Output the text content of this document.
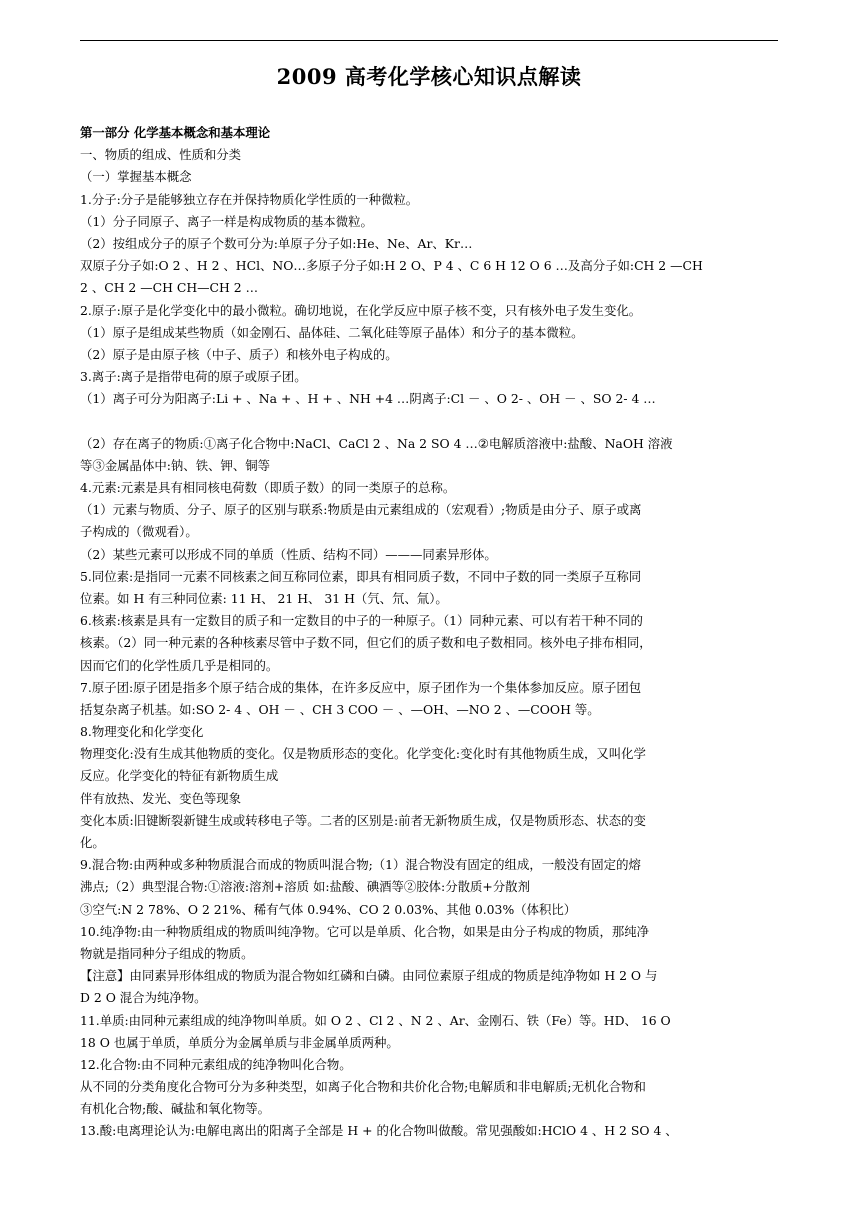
2009 高考化学核心知识点解读
第一部分 化学基本概念和基本理论
一、物质的组成、性质和分类
（一）掌握基本概念
1.分子:分子是能够独立存在并保持物质化学性质的一种微粒。
（1）分子同原子、离子一样是构成物质的基本微粒。
（2）按组成分子的原子个数可分为:单原子分子如:He、Ne、Ar、Kr…
双原子分子如:O 2 、H 2 、HCl、NO…多原子分子如:H 2 O、P 4 、C 6 H 12 O 6 …及高分子如:CH 2 —CH
2 、CH 2 —CH CH—CH 2 …
2.原子:原子是化学变化中的最小微粒。确切地说，在化学反应中原子核不变，只有核外电子发生变化。
（1）原子是组成某些物质（如金刚石、晶体硅、二氧化硅等原子晶体）和分子的基本微粒。
（2）原子是由原子核（中子、质子）和核外电子构成的。
3.离子:离子是指带电荷的原子或原子团。
（1）离子可分为阳离子:Li + 、Na + 、H + 、NH +4 …阴离子:Cl － 、O 2- 、OH － 、SO 2- 4 …
（2）存在离子的物质:①离子化合物中:NaCl、CaCl 2 、Na 2 SO 4 …②电解质溶液中:盐酸、NaOH 溶液
等③金属晶体中:钠、铁、钾、铜等
4.元素:元素是具有相同核电荷数（即质子数）的同一类原子的总称。
（1）元素与物质、分子、原子的区别与联系:物质是由元素组成的（宏观看）;物质是由分子、原子或离
子构成的（微观看）。
（2）某些元素可以形成不同的单质（性质、结构不同）———同素异形体。
5.同位素:是指同一元素不同核素之间互称同位素，即具有相同质子数，不同中子数的同一类原子互称同
位素。如 H 有三种同位素: 11 H、 21 H、 31 H（氕、氘、氚）。
6.核素:核素是具有一定数目的质子和一定数目的中子的一种原子。（1）同种元素、可以有若干种不同的
核素。（2）同一种元素的各种核素尽管中子数不同，但它们的质子数和电子数相同。核外电子排布相同，
因而它们的化学性质几乎是相同的。
7.原子团:原子团是指多个原子结合成的集体，在许多反应中，原子团作为一个集体参加反应。原子团包
括复杂离子机基。如:SO 2- 4 、OH － 、CH 3 COO － 、—OH、—NO 2 、—COOH 等。
8.物理变化和化学变化
物理变化:没有生成其他物质的变化。仅是物质形态的变化。化学变化:变化时有其他物质生成，又叫化学
反应。化学变化的特征有新物质生成
伴有放热、发光、变色等现象
变化本质:旧键断裂新键生成或转移电子等。二者的区别是:前者无新物质生成，仅是物质形态、状态的变
化。
9.混合物:由两种或多种物质混合而成的物质叫混合物;（1）混合物没有固定的组成，一般没有固定的熔
沸点;（2）典型混合物:①溶液:溶剂+溶质 如:盐酸、碘酒等②胶体:分散质+分散剂
③空气:N 2 78%、O 2 21%、稀有气体 0.94%、CO 2 0.03%、其他 0.03%（体积比）
10.纯净物:由一种物质组成的物质叫纯净物。它可以是单质、化合物，如果是由分子构成的物质，那纯净
物就是指同种分子组成的物质。
【注意】由同素异形体组成的物质为混合物如红磷和白磷。由同位素原子组成的物质是纯净物如 H 2 O 与
D 2 O 混合为纯净物。
11.单质:由同种元素组成的纯净物叫单质。如 O 2 、Cl 2 、N 2 、Ar、金刚石、铁（Fe）等。HD、 16 O
18 O 也属于单质，单质分为金属单质与非金属单质两种。
12.化合物:由不同种元素组成的纯净物叫化合物。
从不同的分类角度化合物可分为多种类型，如离子化合物和共价化合物;电解质和非电解质;无机化合物和
有机化合物;酸、碱盐和氧化物等。
13.酸:电离理论认为:电解电离出的阳离子全部是 H + 的化合物叫做酸。常见强酸如:HClO 4 、H 2 SO 4 、
